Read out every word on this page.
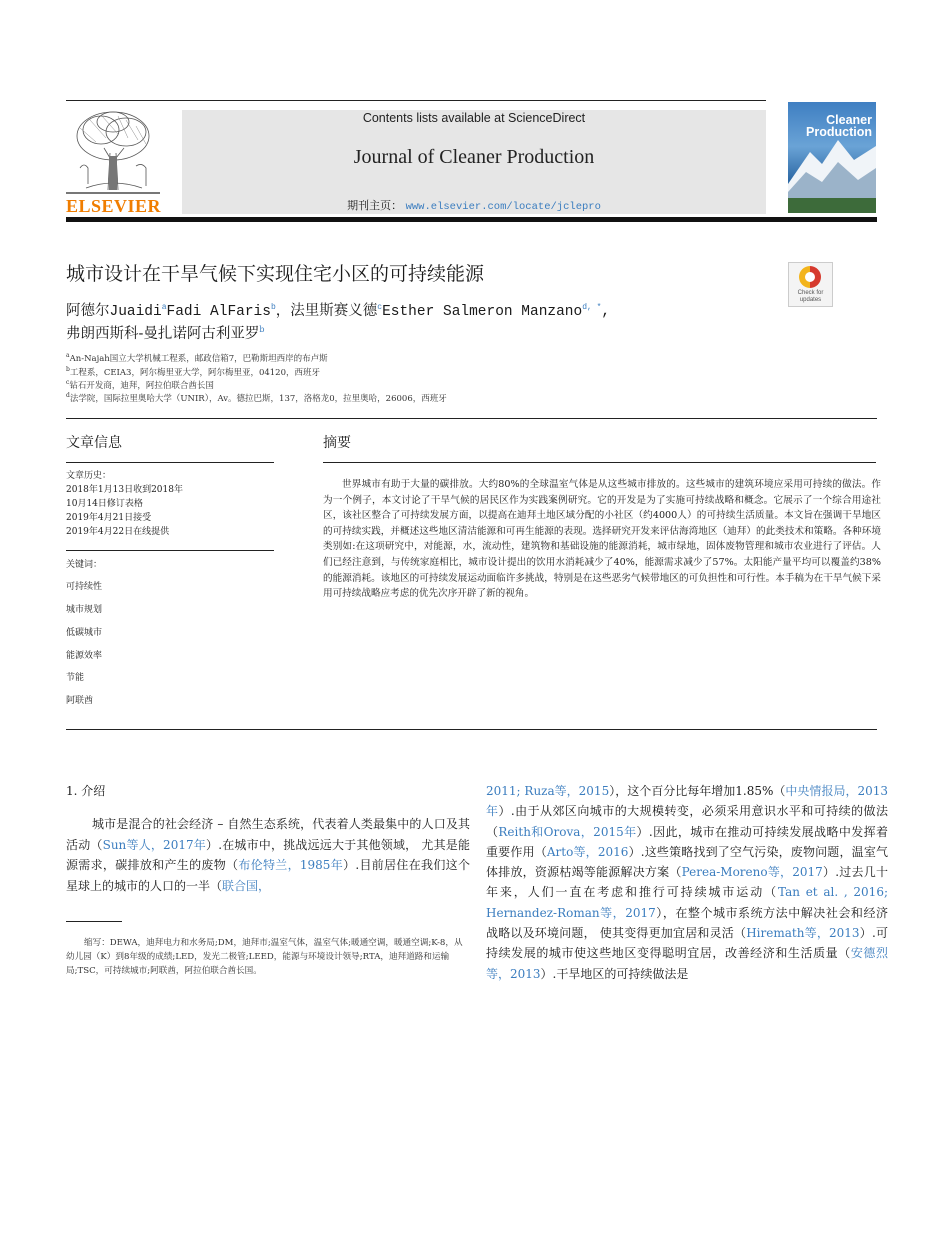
ELSEVIER
Contents lists available at ScienceDirect
Journal of Cleaner Production
期刊主页： www.elsevier.com/locate/jclepro
Cleaner Production
城市设计在干旱气候下实现住宅小区的可持续能源
Check for updates
阿德尔Juaidi$^a$Fadi AlFaris$^b$，法里斯赛义德$^c$Esther Salmeron Manzano$^{d, *}$,
弗朗西斯科-曼扎诺阿古利亚罗$^b$
$^a$An-Najah国立大学机械工程系，邮政信箱7，巴勒斯坦西岸的布卢斯
$^b$工程系，CEIA3，阿尔梅里亚大学，阿尔梅里亚，04120，西班牙
$^c$钻石开发商，迪拜，阿拉伯联合酋长国
$^d$法学院，国际拉里奥哈大学（UNIR），Av。德拉巴斯，137，洛格龙0，拉里奥哈，26006，西班牙
文章信息
文章历史：
2018年1月13日收到2018年
10月14日修订表格
2019年4月21日接受
2019年4月22日在线提供
关键词：
可持续性
城市规划
低碳城市
能源效率
节能
阿联酋
摘要
世界城市有助于大量的碳排放。大约80%的全球温室气体是从这些城市排放的。这些城市的建筑环境应采用可持续的做法。作为一个例子，本文讨论了干旱气候的居民区作为实践案例研究。它的开发是为了实施可持续战略和概念。它展示了一个综合用途社区，该社区整合了可持续发展方面，以提高在迪拜土地区域分配的小社区（约4000人）的可持续生活质量。本文旨在强调干旱地区的可持续实践，并概述这些地区清洁能源和可再生能源的表现。选择研究开发来评估海湾地区（迪拜）的此类技术和策略。各种环境类别如:在这项研究中，对能源，水，流动性，建筑物和基础设施的能源消耗，城市绿地，固体废物管理和城市农业进行了评估。人们已经注意到，与传统家庭相比，城市设计提出的饮用水消耗减少了40%，能源需求减少了57%。太阳能产量平均可以覆盖约38%的能源消耗。该地区的可持续发展运动面临许多挑战，特别是在这些恶劣气候带地区的可负担性和可行性。本手稿为在干旱气候下采用可持续战略应考虑的优先次序开辟了新的视角。
1. 介绍
城市是混合的社会经济 – 自然生态系统，代表着人类最集中的人口及其活动（Sun等人，2017年）.在城市中，挑战远远大于其他领域， 尤其是能源需求，碳排放和产生的废物（布伦特兰，1985年）.目前居住在我们这个星球上的城市的人口的一半（联合国，
2011; Ruza等，2015），这个百分比每年增加1.85%（中央情报局，2013年）.由于从郊区向城市的大规模转变，必须采用意识水平和可持续的做法（Reith和Orova，2015年）.因此，城市在推动可持续发展战略中发挥着重要作用（Arto等，2016）.这些策略找到了空气污染，废物问题，温室气体排放，资源枯竭等能源解决方案（Perea-Moreno等，2017）.过去几十年来，人们一直在考虑和推行可持续城市运动（Tan et al. , 2016; Hernandez-Roman等，2017），在整个城市系统方法中解决社会和经济战略以及环境问题， 使其变得更加宜居和灵活（Hiremath等，2013）.可持续发展的城市使这些地区变得聪明宜居，改善经济和生活质量（安德烈 等，2013）.干旱地区的可持续做法是
缩写：DEWA，迪拜电力和水务局;DM，迪拜市;温室气体，温室气体;暖通空调，暖通空调;K-8，从幼儿园（K）到8年级的成绩;LED，发光二极管;LEED，能源与环境设计领导;RTA，迪拜道路和运输局;TSC，可持续城市;阿联酋，阿拉伯联合酋长国。
